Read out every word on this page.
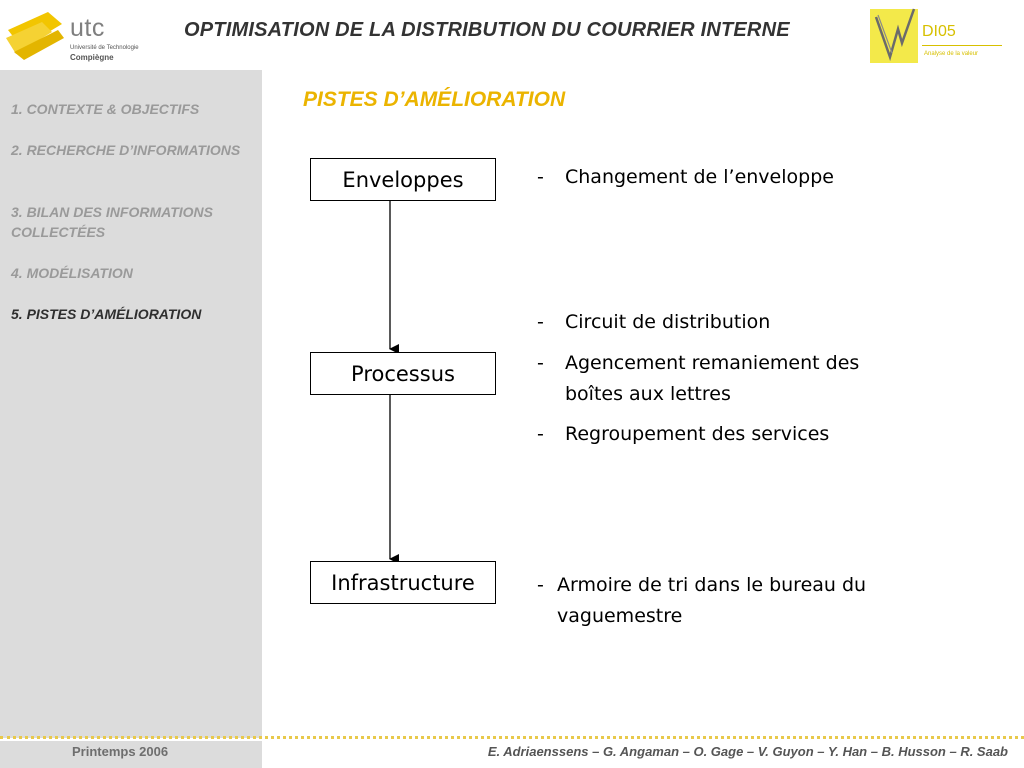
utc
Université de Technologie
Compiègne
OPTIMISATION DE LA DISTRIBUTION DU COURRIER INTERNE	DI05
Analyse de la valeur
1. CONTEXTE & OBJECTIFS
2. RECHERCHE D’INFORMATIONS
3. BILAN DES INFORMATIONS COLLECTÉES
4. MODÉLISATION
5. PISTES D’AMÉLIORATION
PISTES D’AMÉLIORATION
Enveloppes
Processus
Infrastructure
- Changement de l’enveloppe
- Circuit de distribution
- Agencement remaniement des
boîtes aux lettres
- Regroupement des services
- Armoire de tri dans le bureau du
vaguemestre
Printemps 2006	E. Adriaenssens – G. Angaman – O. Gage – V. Guyon – Y. Han – B. Husson – R. Saab
